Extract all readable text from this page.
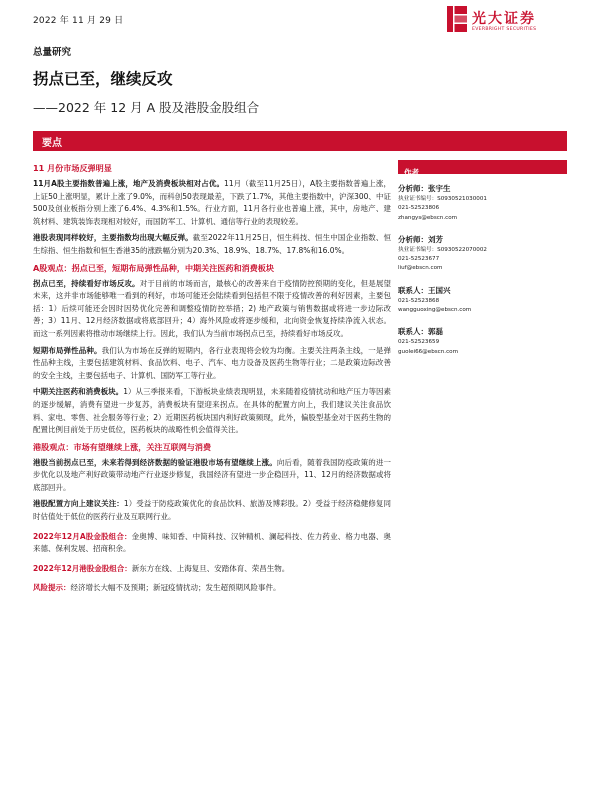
2022 年 11 月 29 日	光大证券
EVERBRIGHT SECURITIES
总量研究
拐点已至，继续反攻
——2022 年 12 月 A 股及港股金股组合
要点
11 月份市场反弹明显

11月A股主要指数普遍上涨，地产及消费板块相对占优。11月（截至11月25日），A股主要指数普遍上涨，上证50上涨明显，累计上涨了9.0%，而科创50表现最差，下跌了1.7%，其他主要指数中，沪深300、中证500及创业板指分别上涨了6.4%、4.3%和1.5%。行业方面，11月各行业也普遍上涨，其中，房地产、建筑材料、建筑装饰表现相对较好，而国防军工、计算机、通信等行业的表现较差。

港股表现同样较好，主要指数均出现大幅反弹。截至2022年11月25日，恒生科技、恒生中国企业指数、恒生综指、恒生指数和恒生香港35的涨跌幅分别为20.3%、18.9%、18.7%、17.8%和16.0%。

A股观点：拐点已至，短期布局弹性品种，中期关注医药和消费板块

拐点已至，持续看好市场反攻。对于目前的市场而言，最核心的改善来自于疫情防控预期的变化，但是展望未来，这并非市场能够唯一看到的利好，市场可能还会陆续看到包括但不限于疫情改善的利好因素，主要包括：1）后续可能还会因时因势优化完善和调整疫情防控举措；2) 地产政策与销售数据或将进一步边际改善；3）11月、12月经济数据或将底部回升；4）海外风险或将逐步缓和，北向资金恢复持续净流入状态。而这一系列因素将推动市场继续上行。因此，我们认为当前市场拐点已至，持续看好市场反攻。

短期布局弹性品种。我们认为市场在反弹的短期内，各行业表现将会较为均衡。主要关注两条主线，一是弹性品种主线，主要包括建筑材料、食品饮料、电子、汽车、电力设备及医药生物等行业；二是政策边际改善的安全主线，主要包括电子、计算机、国防军工等行业。

中期关注医药和消费板块。1）从三季报来看，下游板块业绩表现明显，未来随着疫情扰动和地产压力等因素的逐步缓解，消费有望进一步复苏，消费板块有望迎来拐点。在具体的配置方向上，我们建议关注食品饮料、家电、零售、社会服务等行业；2）近期医药板块国内利好政策频现，此外，偏股型基金对于医药生物的配置比例目前处于历史低位，医药板块的战略性机会值得关注。

港股观点：市场有望继续上涨，关注互联网与消费

港股当前拐点已至，未来若得到经济数据的验证港股市场有望继续上涨。向后看，随着我国防疫政策的进一步优化以及地产利好政策带动地产行业逐步修复，我国经济有望进一步企稳回升，11、12月的经济数据或将底部回升。

港股配置方向上建议关注：1）受益于防疫政策优化的食品饮料、旅游及博彩股。2）受益于经济稳健修复同时估值处于低位的医药行业及互联网行业。

2022年12月A股金股组合：金奥博、味知香、中简科技、汉钟精机、澜起科技、佐力药业、格力电器、奥来德、保利发展、招商积余。

2022年12月港股金股组合：新东方在线、上海复旦、安踏体育、荣昌生物。

风险提示：经济增长大幅不及预期；新冠疫情扰动；发生超预期风险事件。

作者
分析师：张宇生
执业证书编号：S0930521030001
021-52523806
zhangys@ebscn.com
分析师：刘芳
执业证书编号：S0930522070002
021-52523677
liuf@ebscn.com
联系人：王国兴
021-52523868
wangguoxing@ebscn.com
联系人：郭磊
021-52523659
guolei66@ebscn.com
